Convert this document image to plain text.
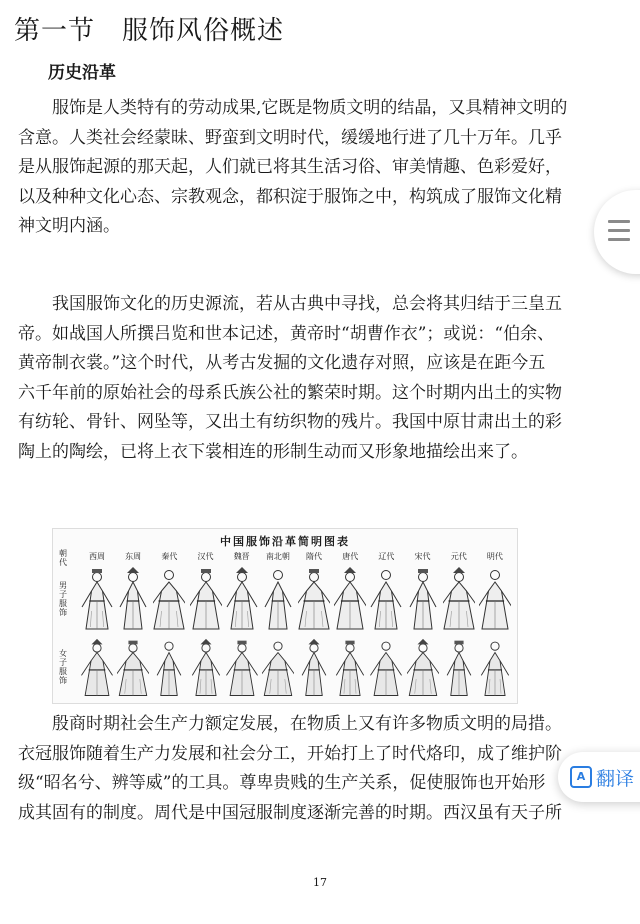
第一节　服饰风俗概述
历史沿革
　　服饰是人类特有的劳动成果,它既是物质文明的结晶，又具精神文明的
含意。人类社会经蒙昧、野蛮到文明时代，缓缓地行进了几十万年。几乎
是从服饰起源的那天起，人们就已将其生活习俗、审美情趣、色彩爱好，
以及种种文化心态、宗教观念，都积淀于服饰之中，构筑成了服饰文化精
神文明内涵。
　　我国服饰文化的历史源流，若从古典中寻找，总会将其归结于三皇五
帝。如战国人所撰吕览和世本记述，黄帝时“胡曹作衣”；或说：“伯余、
黄帝制衣裳。”这个时代，从考古发掘的文化遗存对照，应该是在距今五
六千年前的原始社会的母系氏族公社的繁荣时期。这个时期内出土的实物
有纺轮、骨针、网坠等，又出土有纺织物的残片。我国中原甘肃出土的彩
陶上的陶绘，已将上衣下裳相连的形制生动而又形象地描绘出来了。
中国服饰沿革简明图表
朝代
男子服饰
女子服饰
西周	东周	秦代	汉代	魏晋	南北朝	隋代	唐代	辽代	宋代	元代	明代
　　殷商时期社会生产力额定发展，在物质上又有许多物质文明的局措。
衣冠服饰随着生产力发展和社会分工，开始打上了时代烙印，成了维护阶
级“昭名兮、辨等威”的工具。尊卑贵贱的生产关系，促使服饰也开始形
成其固有的制度。周代是中国冠服制度逐渐完善的时期。西汉虽有天子所
17
A 翻译
